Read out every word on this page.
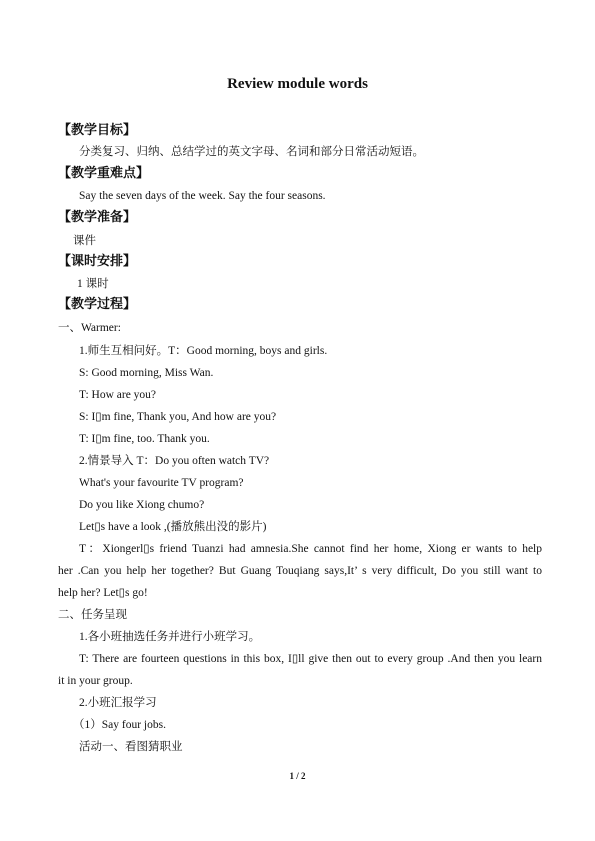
Review module words
【教学目标】
分类复习、归纳、总结学过的英文字母、名词和部分日常活动短语。
【教学重难点】
Say the seven days of the week. Say the four seasons.
【教学准备】
课件
【课时安排】
1 课时
【教学过程】
一、Warmer:
1.师生互相问好。T：Good morning, boys and girls.
S: Good morning, Miss Wan.
T: How are you?
S: I▯m fine, Thank you, And how are you?
T: I▯m fine, too. Thank you.
2.情景导入 T：Do you often watch TV?
What's your favourite TV program?
Do you like Xiong chumo?
Let▯s have a look ,(播放熊出没的影片)
T：Xiongerl▯s friend Tuanzi had amnesia.She cannot find her home, Xiong er wants to help
her .Can you help her together? But Guang Touqiang says,It’ s very difficult, Do you still want to
help her? Let▯s go!
二、任务呈现
1.各小班抽选任务并进行小班学习。
T: There are fourteen questions in this box, I▯ll give then out to every group .And then you learn
it in your group.
2.小班汇报学习
（1）Say four jobs.
活动一、看图猜职业
1 / 2
